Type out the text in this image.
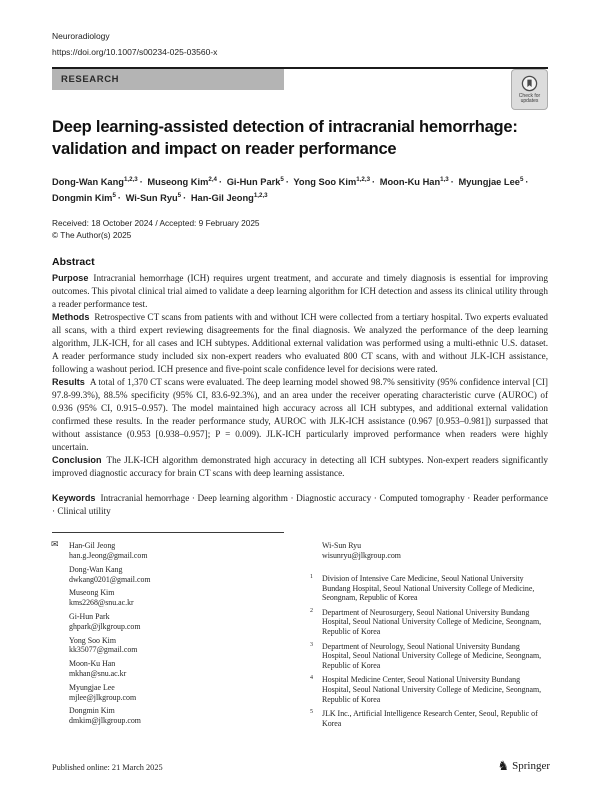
Neuroradiology
https://doi.org/10.1007/s00234-025-03560-x
RESEARCH
Deep learning-assisted detection of intracranial hemorrhage:
validation and impact on reader performance
Dong-Wan Kang$^{1,2,3}$ · Museong Kim$^{2,4}$ · Gi-Hun Park$^5$ · Yong Soo Kim$^{1,2,3}$ · Moon-Ku Han$^{1,3}$ · Myungjae Lee$^5$ · Dongmin Kim$^5$ · Wi-Sun Ryu$^5$ · Han-Gil Jeong$^{1,2,3}$
Received: 18 October 2024 / Accepted: 9 February 2025
© The Author(s) 2025
Abstract

Purpose Intracranial hemorrhage (ICH) requires urgent treatment, and accurate and timely diagnosis is essential for improving outcomes. This pivotal clinical trial aimed to validate a deep learning algorithm for ICH detection and assess its clinical utility through a reader performance test.

Methods Retrospective CT scans from patients with and without ICH were collected from a tertiary hospital. Two experts evaluated all scans, with a third expert reviewing disagreements for the final diagnosis. We analyzed the performance of the deep learning algorithm, JLK-ICH, for all cases and ICH subtypes. Additional external validation was performed using a multi-ethnic U.S. dataset. A reader performance study included six non-expert readers who evaluated 800 CT scans, with and without JLK-ICH assistance, following a washout period. ICH presence and five-point scale confidence level for decisions were rated.

Results A total of 1,370 CT scans were evaluated. The deep learning model showed 98.7% sensitivity (95% confidence interval [CI] 97.8-99.3%), 88.5% specificity (95% CI, 83.6-92.3%), and an area under the receiver operating characteristic curve (AUROC) of 0.936 (95% CI, 0.915–0.957). The model maintained high accuracy across all ICH subtypes, and additional external validation confirmed these results. In the reader performance study, AUROC with JLK-ICH assistance (0.967 [0.953–0.981]) surpassed that without assistance (0.953 [0.938–0.957]; P = 0.009). JLK-ICH particularly improved performance when readers were highly uncertain.

Conclusion The JLK-ICH algorithm demonstrated high accuracy in detecting all ICH subtypes. Non-expert readers significantly improved diagnostic accuracy for brain CT scans with deep learning assistance.

Keywords Intracranial hemorrhage · Deep learning algorithm · Diagnostic accuracy · Computed tomography · Reader performance · Clinical utility

✉ Han-Gil Jeong
han.g.Jeong@gmail.com
Dong-Wan Kang
dwkang0201@gmail.com
Museong Kim
kms2268@snu.ac.kr
Gi-Hun Park
ghpark@jlkgroup.com
Yong Soo Kim
kk35077@gmail.com
Moon-Ku Han
mkhan@snu.ac.kr
Myungjae Lee
mjlee@jlkgroup.com
Dongmin Kim
dmkim@jlkgroup.com
Wi-Sun Ryu
wisunryu@jlkgroup.com
1 Division of Intensive Care Medicine, Seoul National University Bundang Hospital, Seoul National University College of Medicine, Seongnam, Republic of Korea
2 Department of Neurosurgery, Seoul National University Bundang Hospital, Seoul National University College of Medicine, Seongnam, Republic of Korea
3 Department of Neurology, Seoul National University Bundang Hospital, Seoul National University College of Medicine, Seongnam, Republic of Korea
4 Hospital Medicine Center, Seoul National University Bundang Hospital, Seoul National University College of Medicine, Seongnam, Republic of Korea
5 JLK Inc., Artificial Intelligence Research Center, Seoul, Republic of Korea
Check for
updates
Published online: 21 March 2025	♞ Springer
